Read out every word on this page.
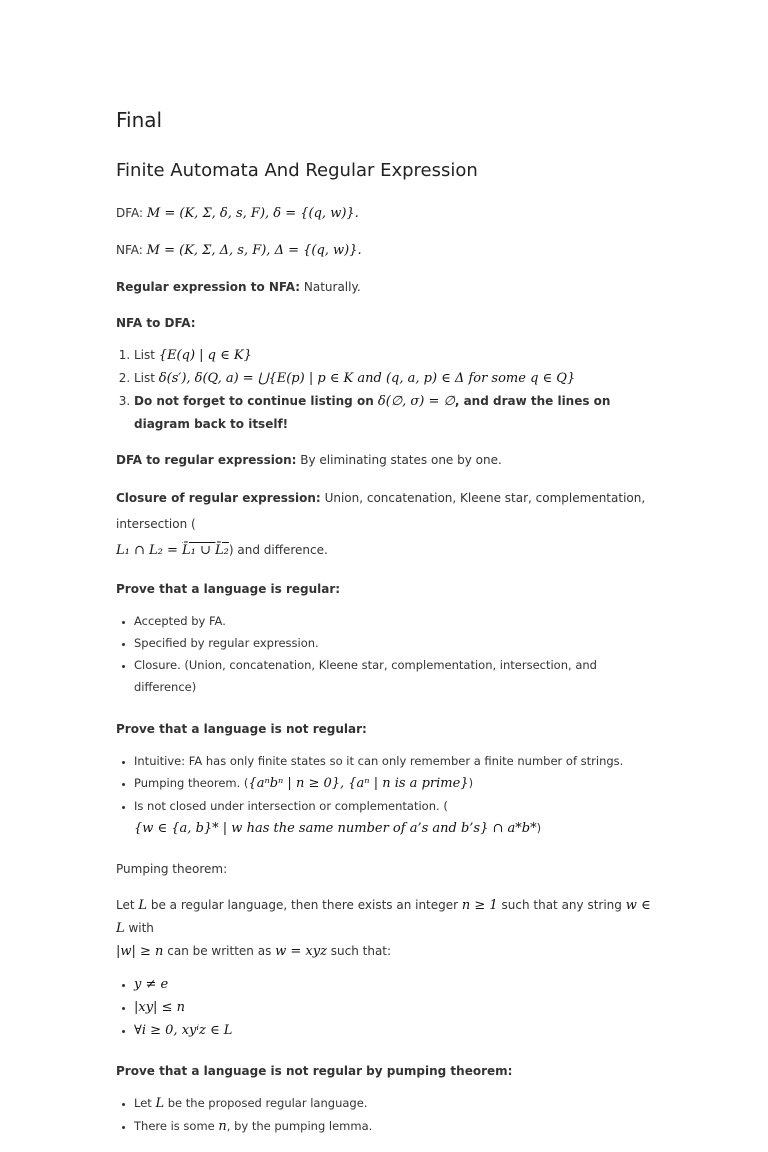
Final
Finite Automata And Regular Expression

DFA: M = (K, Σ, δ, s, F), δ = {(q, w)}.

NFA: M = (K, Σ, Δ, s, F), Δ = {(q, w)}.

Regular expression to NFA: Naturally.

NFA to DFA:

1. List {E(q) | q ∈ K}
2. List δ(s′), δ(Q, a) = ⋃{E(p) | p ∈ K and (q, a, p) ∈ Δ for some q ∈ Q}
3. Do not forget to continue listing on δ(∅, σ) = ∅, and draw the lines on diagram back to itself!

DFA to regular expression: By eliminating states one by one.

Closure of regular expression: Union, concatenation, Kleene star, complementation, intersection (
L₁ ∩ L₂ = L̄₁ ∪ L̄₂) and difference.

Prove that a language is regular:

• Accepted by FA.
• Specified by regular expression.
• Closure. (Union, concatenation, Kleene star, complementation, intersection, and difference)

Prove that a language is not regular:

• Intuitive: FA has only finite states so it can only remember a finite number of strings.
• Pumping theorem. ({aⁿbⁿ | n ≥ 0}, {aⁿ | n is a prime})
• Is not closed under intersection or complementation. (
{w ∈ {a, b}* | w has the same number of a’s and b’s} ∩ a*b*)

Pumping theorem:

Let L be a regular language, then there exists an integer n ≥ 1 such that any string w ∈ L with
|w| ≥ n can be written as w = xyz such that:

• y ≠ e
• |xy| ≤ n
• ∀i ≥ 0, xyⁱz ∈ L

Prove that a language is not regular by pumping theorem:

• Let L be the proposed regular language.
• There is some n, by the pumping lemma.
